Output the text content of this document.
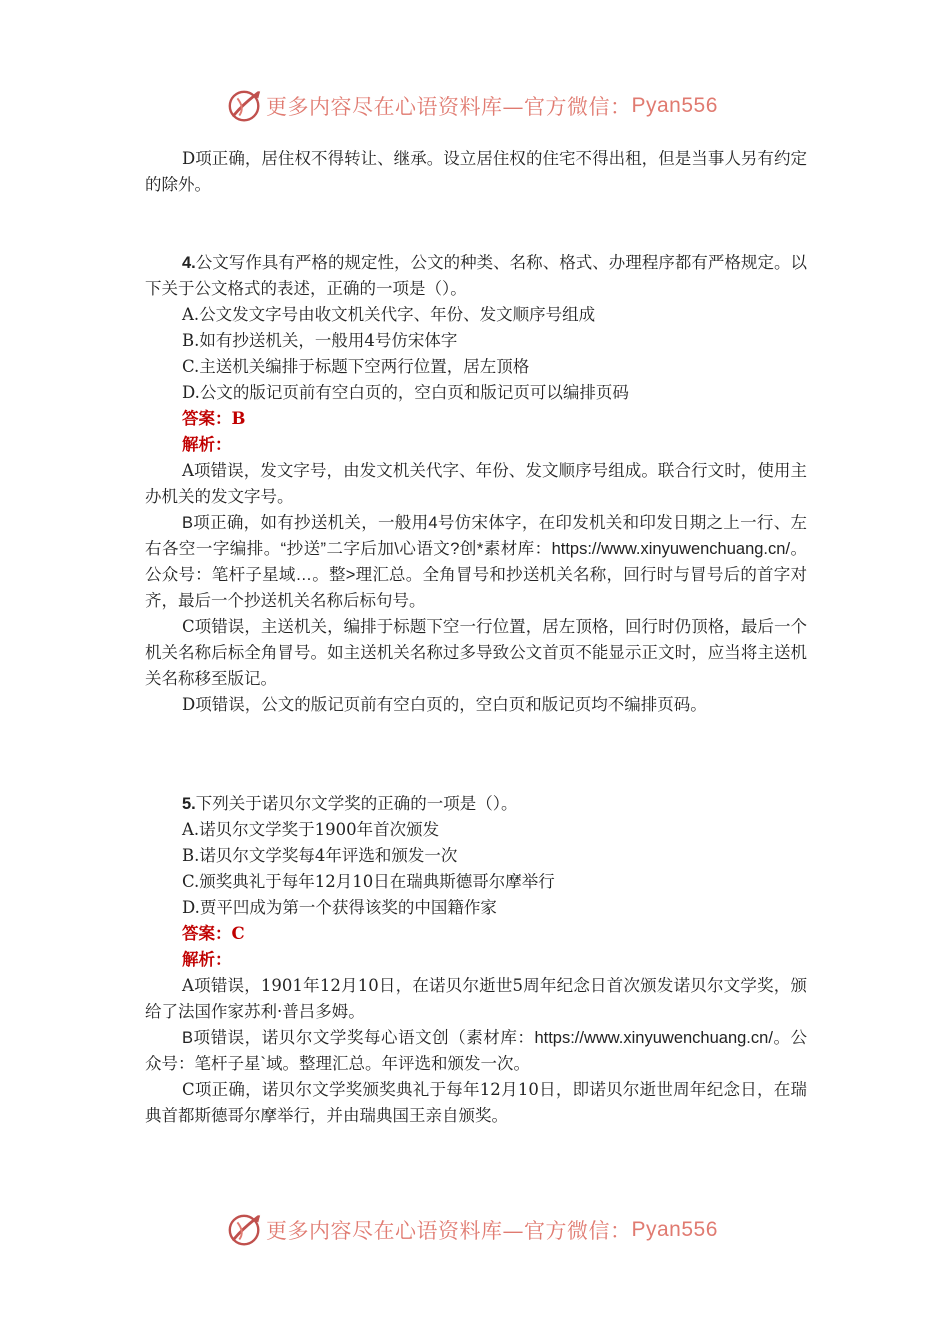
更多内容尽在心语资料库—官方微信： Pyan556

D项正确，居住权不得转让、继承。设立居住权的住宅不得出租，但是当事人另有约定的除外。

4.公文写作具有严格的规定性，公文的种类、名称、格式、办理程序都有严格规定。以下关于公文格式的表述，正确的一项是（）。

A.公文发文字号由收文机关代字、年份、发文顺序号组成

B.如有抄送机关，一般用4号仿宋体字

C.主送机关编排于标题下空两行位置，居左顶格

D.公文的版记页前有空白页的，空白页和版记页可以编排页码

答案：B

解析：

A项错误，发文字号，由发文机关代字、年份、发文顺序号组成。联合行文时，使用主办机关的发文字号。

B项正确，如有抄送机关，一般用4号仿宋体字，在印发机关和印发日期之上一行、左右各空一字编排。“抄送”二字后加\心语文?创*素材库：https://www.xinyuwenchuang.cn/。公众号：笔杆子星域…。整>理汇总。全角冒号和抄送机关名称，回行时与冒号后的首字对齐，最后一个抄送机关名称后标句号。

C项错误，主送机关，编排于标题下空一行位置，居左顶格，回行时仍顶格，最后一个机关名称后标全角冒号。如主送机关名称过多导致公文首页不能显示正文时，应当将主送机关名称移至版记。

D项错误，公文的版记页前有空白页的，空白页和版记页均不编排页码。

5.下列关于诺贝尔文学奖的正确的一项是（）。

A.诺贝尔文学奖于1900年首次颁发

B.诺贝尔文学奖每4年评选和颁发一次

C.颁奖典礼于每年12月10日在瑞典斯德哥尔摩举行

D.贾平凹成为第一个获得该奖的中国籍作家

答案：C

解析：

A项错误，1901年12月10日，在诺贝尔逝世5周年纪念日首次颁发诺贝尔文学奖，颁给了法国作家苏利·普吕多姆。

B项错误，诺贝尔文学奖每心语文创（素材库：https://www.xinyuwenchuang.cn/。公众号：笔杆子星`域。整理汇总。年评选和颁发一次。

C项正确，诺贝尔文学奖颁奖典礼于每年12月10日，即诺贝尔逝世周年纪念日，在瑞典首都斯德哥尔摩举行，并由瑞典国王亲自颁奖。

更多内容尽在心语资料库—官方微信： Pyan556
